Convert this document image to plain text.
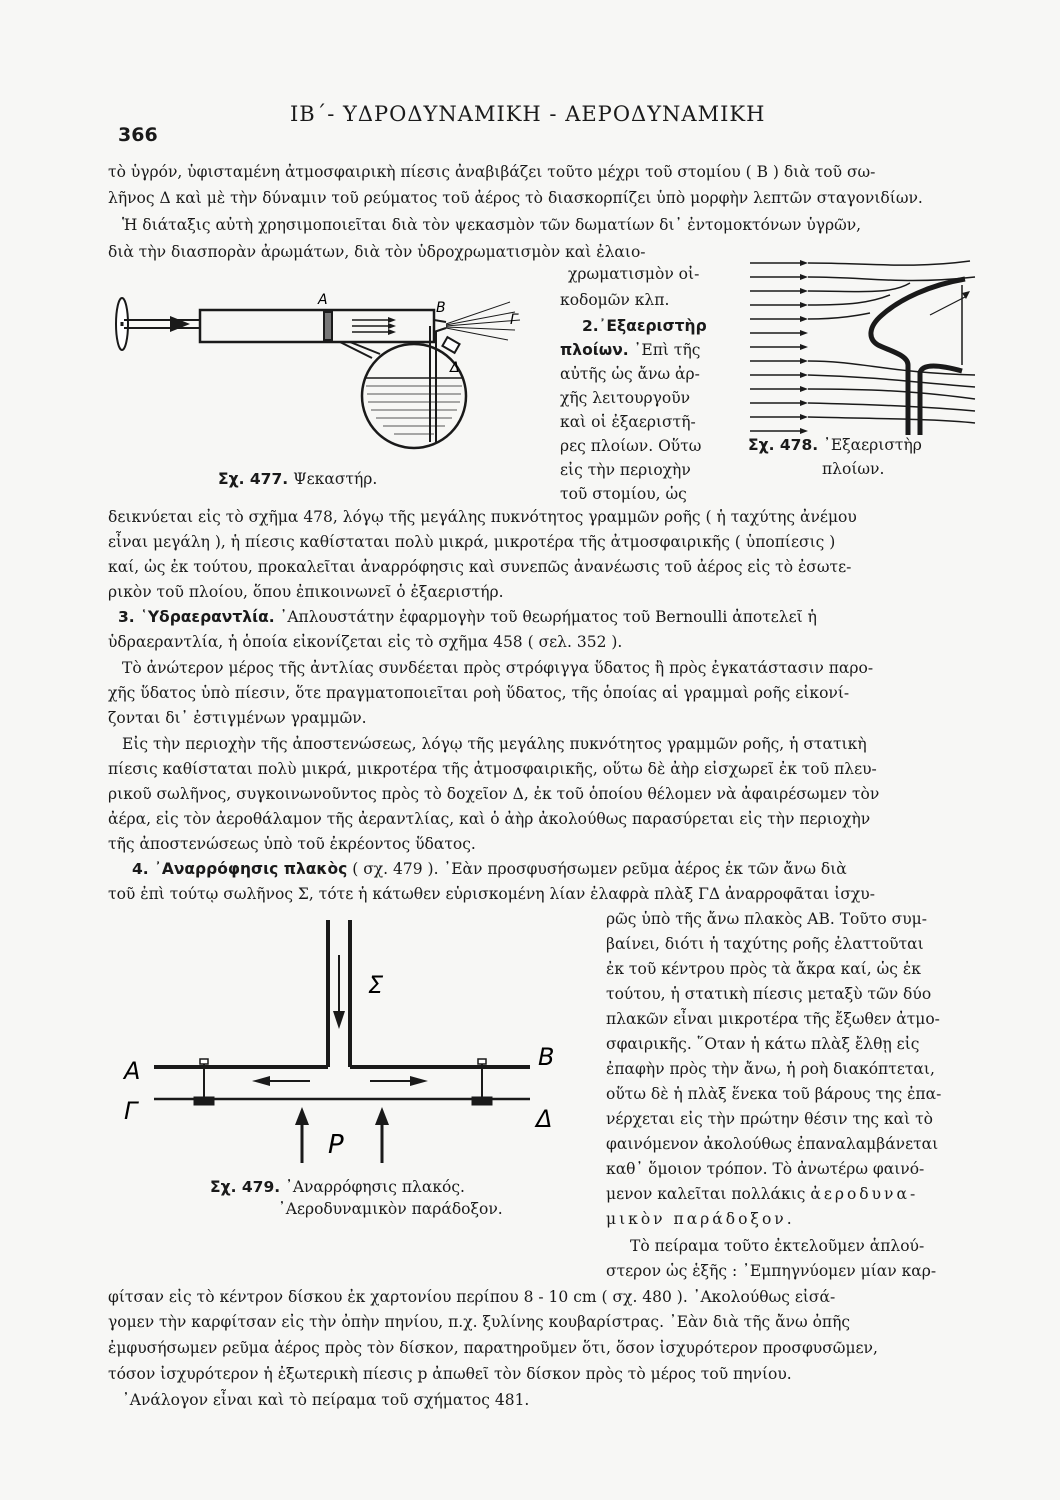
366
ΙΒ΄- ΥΔΡΟΔΥΝΑΜΙΚΗ - ΑΕΡΟΔΥΝΑΜΙΚΗ

τὸ ὑγρόν, ὑφισταμένη ἀτμοσφαιρικὴ πίεσις ἀναβιβάζει τοῦτο μέχρι τοῦ στομίου ( Β ) διὰ τοῦ σω-

λῆνος Δ καὶ μὲ τὴν δύναμιν τοῦ ρεύματος τοῦ ἀέρος τὸ διασκορπίζει ὑπὸ μορφὴν λεπτῶν σταγονιδίων.

Ἡ διάταξις αὐτὴ χρησιμοποιεῖται διὰ τὸν ψεκασμὸν τῶν δωματίων δι᾽ ἐντομοκτόνων ὑγρῶν,

διὰ τὴν διασπορὰν ἀρωμάτων, διὰ τὸν ὑδροχρωματισμὸν καὶ ἐλαιο-

A	B
Γ
Δ
Σχ. 477. Ψεκαστήρ.

χρωματισμὸν οἰ-

κοδομῶν κλπ.

2.᾽Εξαεριστὴρ

πλοίων. ᾽Επὶ τῆς

αὐτῆς ὡς ἄνω ἀρ-

χῆς λειτουργοῦν

καὶ οἱ ἐξαεριστῆ-

ρες πλοίων. Οὕτω

εἰς τὴν περιοχὴν

τοῦ στομίου, ὡς

Σχ. 478. ᾽Εξαεριστὴρ
πλοίων.

δεικνύεται εἰς τὸ σχῆμα 478, λόγῳ τῆς μεγάλης πυκνότητος γραμμῶν ροῆς ( ἡ ταχύτης ἀνέμου

εἶναι μεγάλη ), ἡ πίεσις καθίσταται πολὺ μικρά, μικροτέρα τῆς ἀτμοσφαιρικῆς ( ὑποπίεσις )

καί, ὡς ἐκ τούτου, προκαλεῖται ἀναρρόφησις καὶ συνεπῶς ἀνανέωσις τοῦ ἀέρος εἰς τὸ ἐσωτε-

ρικὸν τοῦ πλοίου, ὅπου ἐπικοινωνεῖ ὁ ἐξαεριστήρ.

3. ῾Υδραεραντλία. ᾽Απλουστάτην ἐφαρμογὴν τοῦ θεωρήματος τοῦ Bernoulli ἀποτελεῖ ἡ

ὑδραεραντλία, ἡ ὁποία εἰκονίζεται εἰς τὸ σχῆμα 458 ( σελ. 352 ).

Τὸ ἀνώτερον μέρος τῆς ἀντλίας συνδέεται πρὸς στρόφιγγα ὕδατος ἢ πρὸς ἐγκατάστασιν παρο-

χῆς ὕδατος ὑπὸ πίεσιν, ὅτε πραγματοποιεῖται ροὴ ὕδατος, τῆς ὁποίας αἱ γραμμαὶ ροῆς εἰκονί-

ζονται δι᾽ ἐστιγμένων γραμμῶν.

Εἰς τὴν περιοχὴν τῆς ἀποστενώσεως, λόγῳ τῆς μεγάλης πυκνότητος γραμμῶν ροῆς, ἡ στατικὴ

πίεσις καθίσταται πολὺ μικρά, μικροτέρα τῆς ἀτμοσφαιρικῆς, οὕτω δὲ ἀὴρ εἰσχωρεῖ ἐκ τοῦ πλευ-

ρικοῦ σωλῆνος, συγκοινωνοῦντος πρὸς τὸ δοχεῖον Δ, ἐκ τοῦ ὁποίου θέλομεν νὰ ἀφαιρέσωμεν τὸν

ἀέρα, εἰς τὸν ἀεροθάλαμον τῆς ἀεραντλίας, καὶ ὁ ἀὴρ ἀκολούθως παρασύρεται εἰς τὴν περιοχὴν

τῆς ἀποστενώσεως ὑπὸ τοῦ ἐκρέοντος ὕδατος.

4. ᾽Αναρρόφησις πλακὸς ( σχ. 479 ). ᾽Εὰν προσφυσήσωμεν ρεῦμα ἀέρος ἐκ τῶν ἄνω διὰ

τοῦ ἐπὶ τούτῳ σωλῆνος Σ, τότε ἡ κάτωθεν εὑρισκομένη λίαν ἐλαφρὰ πλὰξ ΓΔ ἀναρροφᾶται ἰσχυ-

Σ
A	B
Γ	Δ
P
Σχ. 479. ᾽Αναρρόφησις πλακός.
᾽Αεροδυναμικὸν παράδοξον.

ρῶς ὑπὸ τῆς ἄνω πλακὸς ΑΒ. Τοῦτο συμ-

βαίνει, διότι ἡ ταχύτης ροῆς ἐλαττοῦται

ἐκ τοῦ κέντρου πρὸς τὰ ἄκρα καί, ὡς ἐκ

τούτου, ἡ στατικὴ πίεσις μεταξὺ τῶν δύο

πλακῶν εἶναι μικροτέρα τῆς ἔξωθεν ἀτμο-

σφαιρικῆς. ῞Οταν ἡ κάτω πλὰξ ἔλθῃ εἰς

ἐπαφὴν πρὸς τὴν ἄνω, ἡ ροὴ διακόπτεται,

οὕτω δὲ ἡ πλὰξ ἕνεκα τοῦ βάρους της ἐπα-

νέρχεται εἰς τὴν πρώτην θέσιν της καὶ τὸ

φαινόμενον ἀκολούθως ἐπαναλαμβάνεται

καθ᾽ ὅμοιον τρόπον. Τὸ ἀνωτέρω φαινό-

μενον καλεῖται πολλάκις ἀεροδυνα-

μικὸν παράδοξον.

Τὸ πείραμα τοῦτο ἐκτελοῦμεν ἁπλού-

στερον ὡς ἑξῆς : ᾽Εμπηγνύομεν μίαν καρ-

φίτσαν εἰς τὸ κέντρον δίσκου ἐκ χαρτονίου περίπου 8 - 10 cm ( σχ. 480 ). ᾽Ακολούθως εἰσά-

γομεν τὴν καρφίτσαν εἰς τὴν ὀπὴν πηνίου, π.χ. ξυλίνης κουβαρίστρας. ᾽Εὰν διὰ τῆς ἄνω ὀπῆς

ἐμφυσήσωμεν ρεῦμα ἀέρος πρὸς τὸν δίσκον, παρατηροῦμεν ὅτι, ὅσον ἰσχυρότερον προσφυσῶμεν,

τόσον ἰσχυρότερον ἡ ἐξωτερικὴ πίεσις p ἀπωθεῖ τὸν δίσκον πρὸς τὸ μέρος τοῦ πηνίου.

᾽Ανάλογον εἶναι καὶ τὸ πείραμα τοῦ σχήματος 481.
